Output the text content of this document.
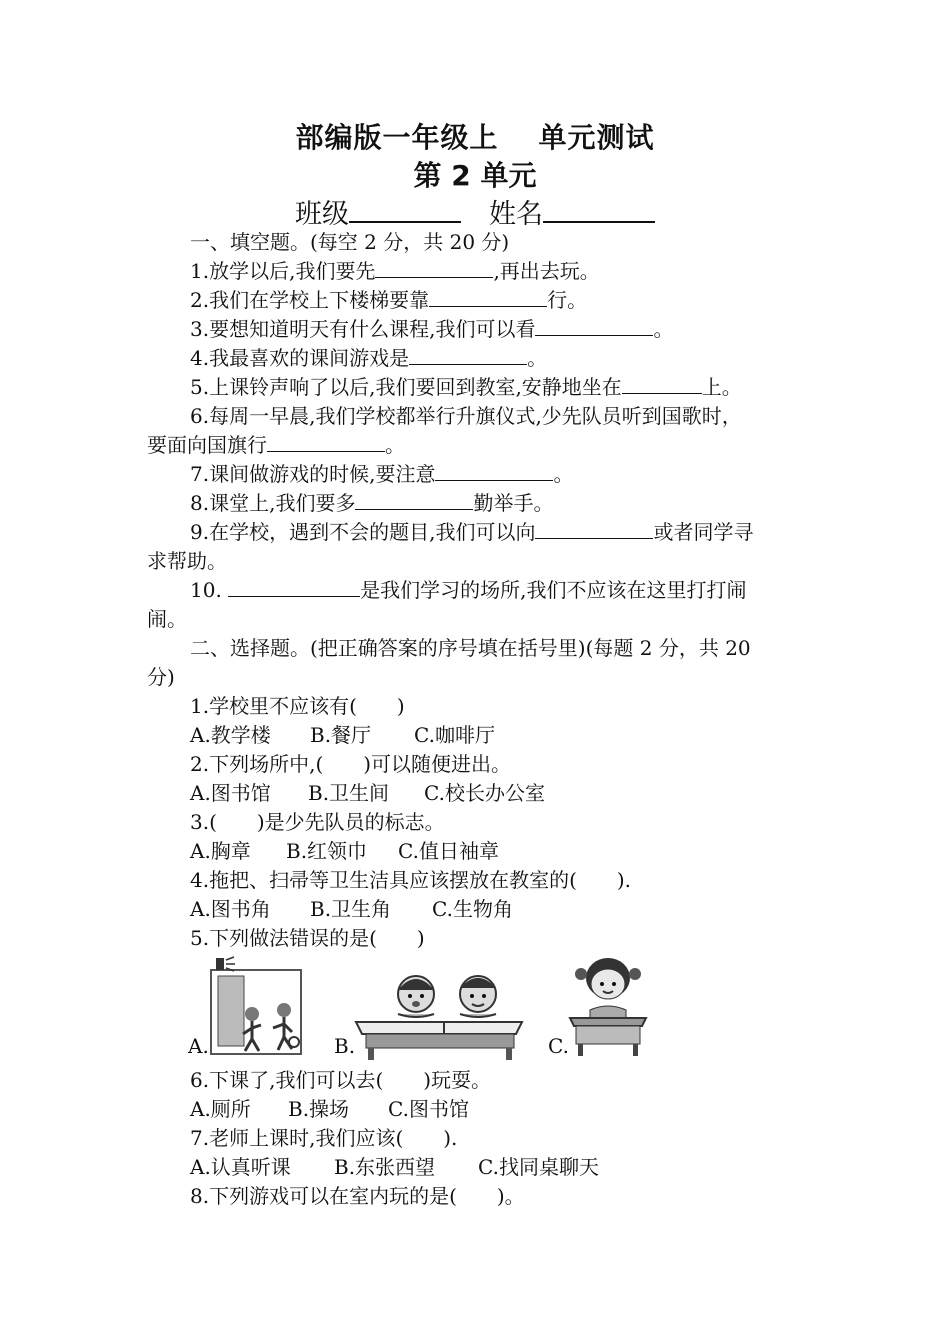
部编版一年级上 单元测试
第 2 单元
班级	姓名
一、填空题。(每空 2 分，共 20 分)
1.放学以后,我们要先	,再出去玩。
2.我们在学校上下楼梯要靠	行。
3.要想知道明天有什么课程,我们可以看	。
4.我最喜欢的课间游戏是	。
5.上课铃声响了以后,我们要回到教室,安静地坐在	上。
6.每周一早晨,我们学校都举行升旗仪式,少先队员听到国歌时，
要面向国旗行	。
7.课间做游戏的时候,要注意	。
8.课堂上,我们要多	勤举手。
9.在学校，遇到不会的题目,我们可以向	或者同学寻
求帮助。
10.	是我们学习的场所,我们不应该在这里打打闹
闹。
二、选择题。(把正确答案的序号填在括号里)(每题 2 分，共 20
分)
1.学校里不应该有(　　)
A.教学楼 B.餐厅 C.咖啡厅
2.下列场所中,(　　)可以随便进出。
A.图书馆 B.卫生间 C.校长办公室
3.(　　)是少先队员的标志。
A.胸章 B.红领巾 C.值日袖章
4.拖把、扫帚等卫生洁具应该摆放在教室的(　　).
A.图书角 B.卫生角 C.生物角
5.下列做法错误的是(　　)
A.	B.	C.
6.下课了,我们可以去(　　)玩耍。
A.厕所 B.操场 C.图书馆
7.老师上课时,我们应该(　　).
A.认真听课 B.东张西望 C.找同桌聊天
8.下列游戏可以在室内玩的是(　　)。
